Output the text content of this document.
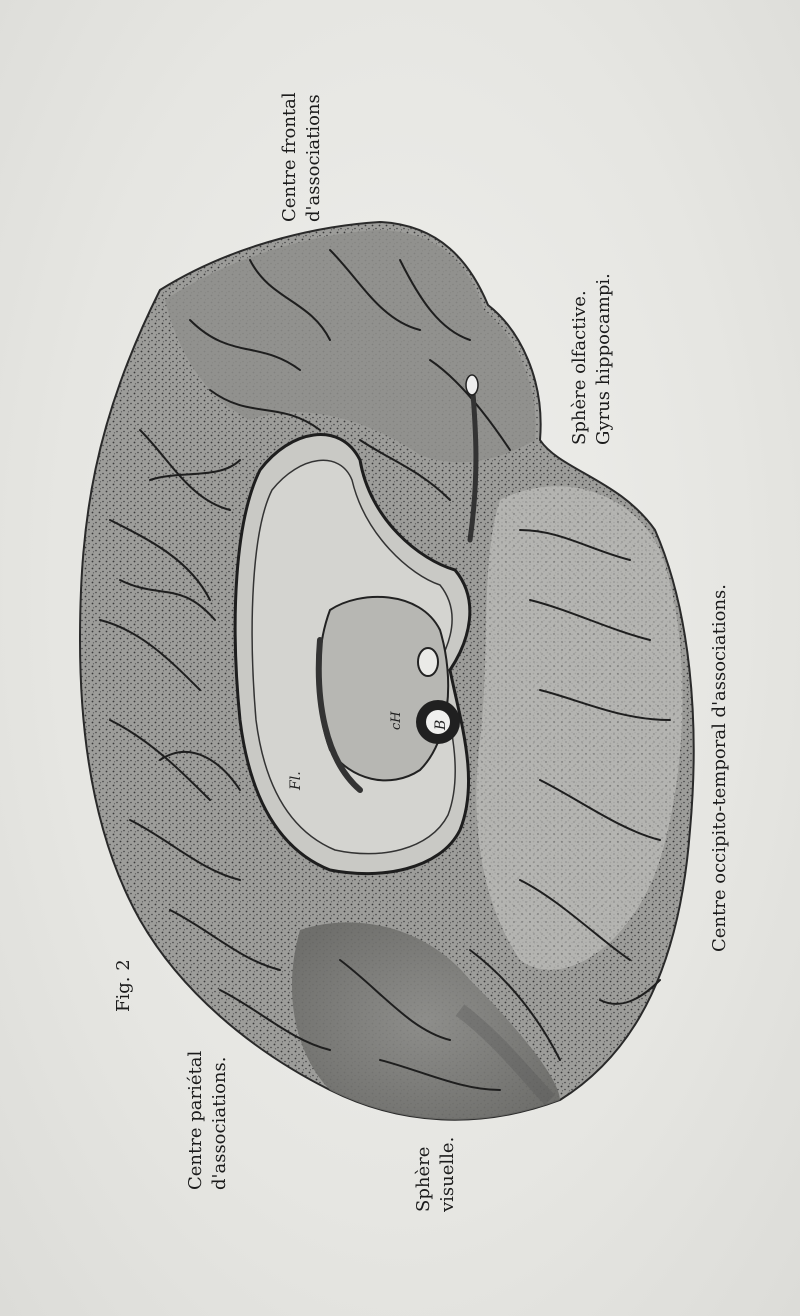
Fl.
cH B
Centre frontal d'associations
Sphère olfactive. Gyrus hippocampi.
Centre occipito-temporal d'associations.
Fig. 2
Centre pariétal d'associations.	Sphère visuelle.
